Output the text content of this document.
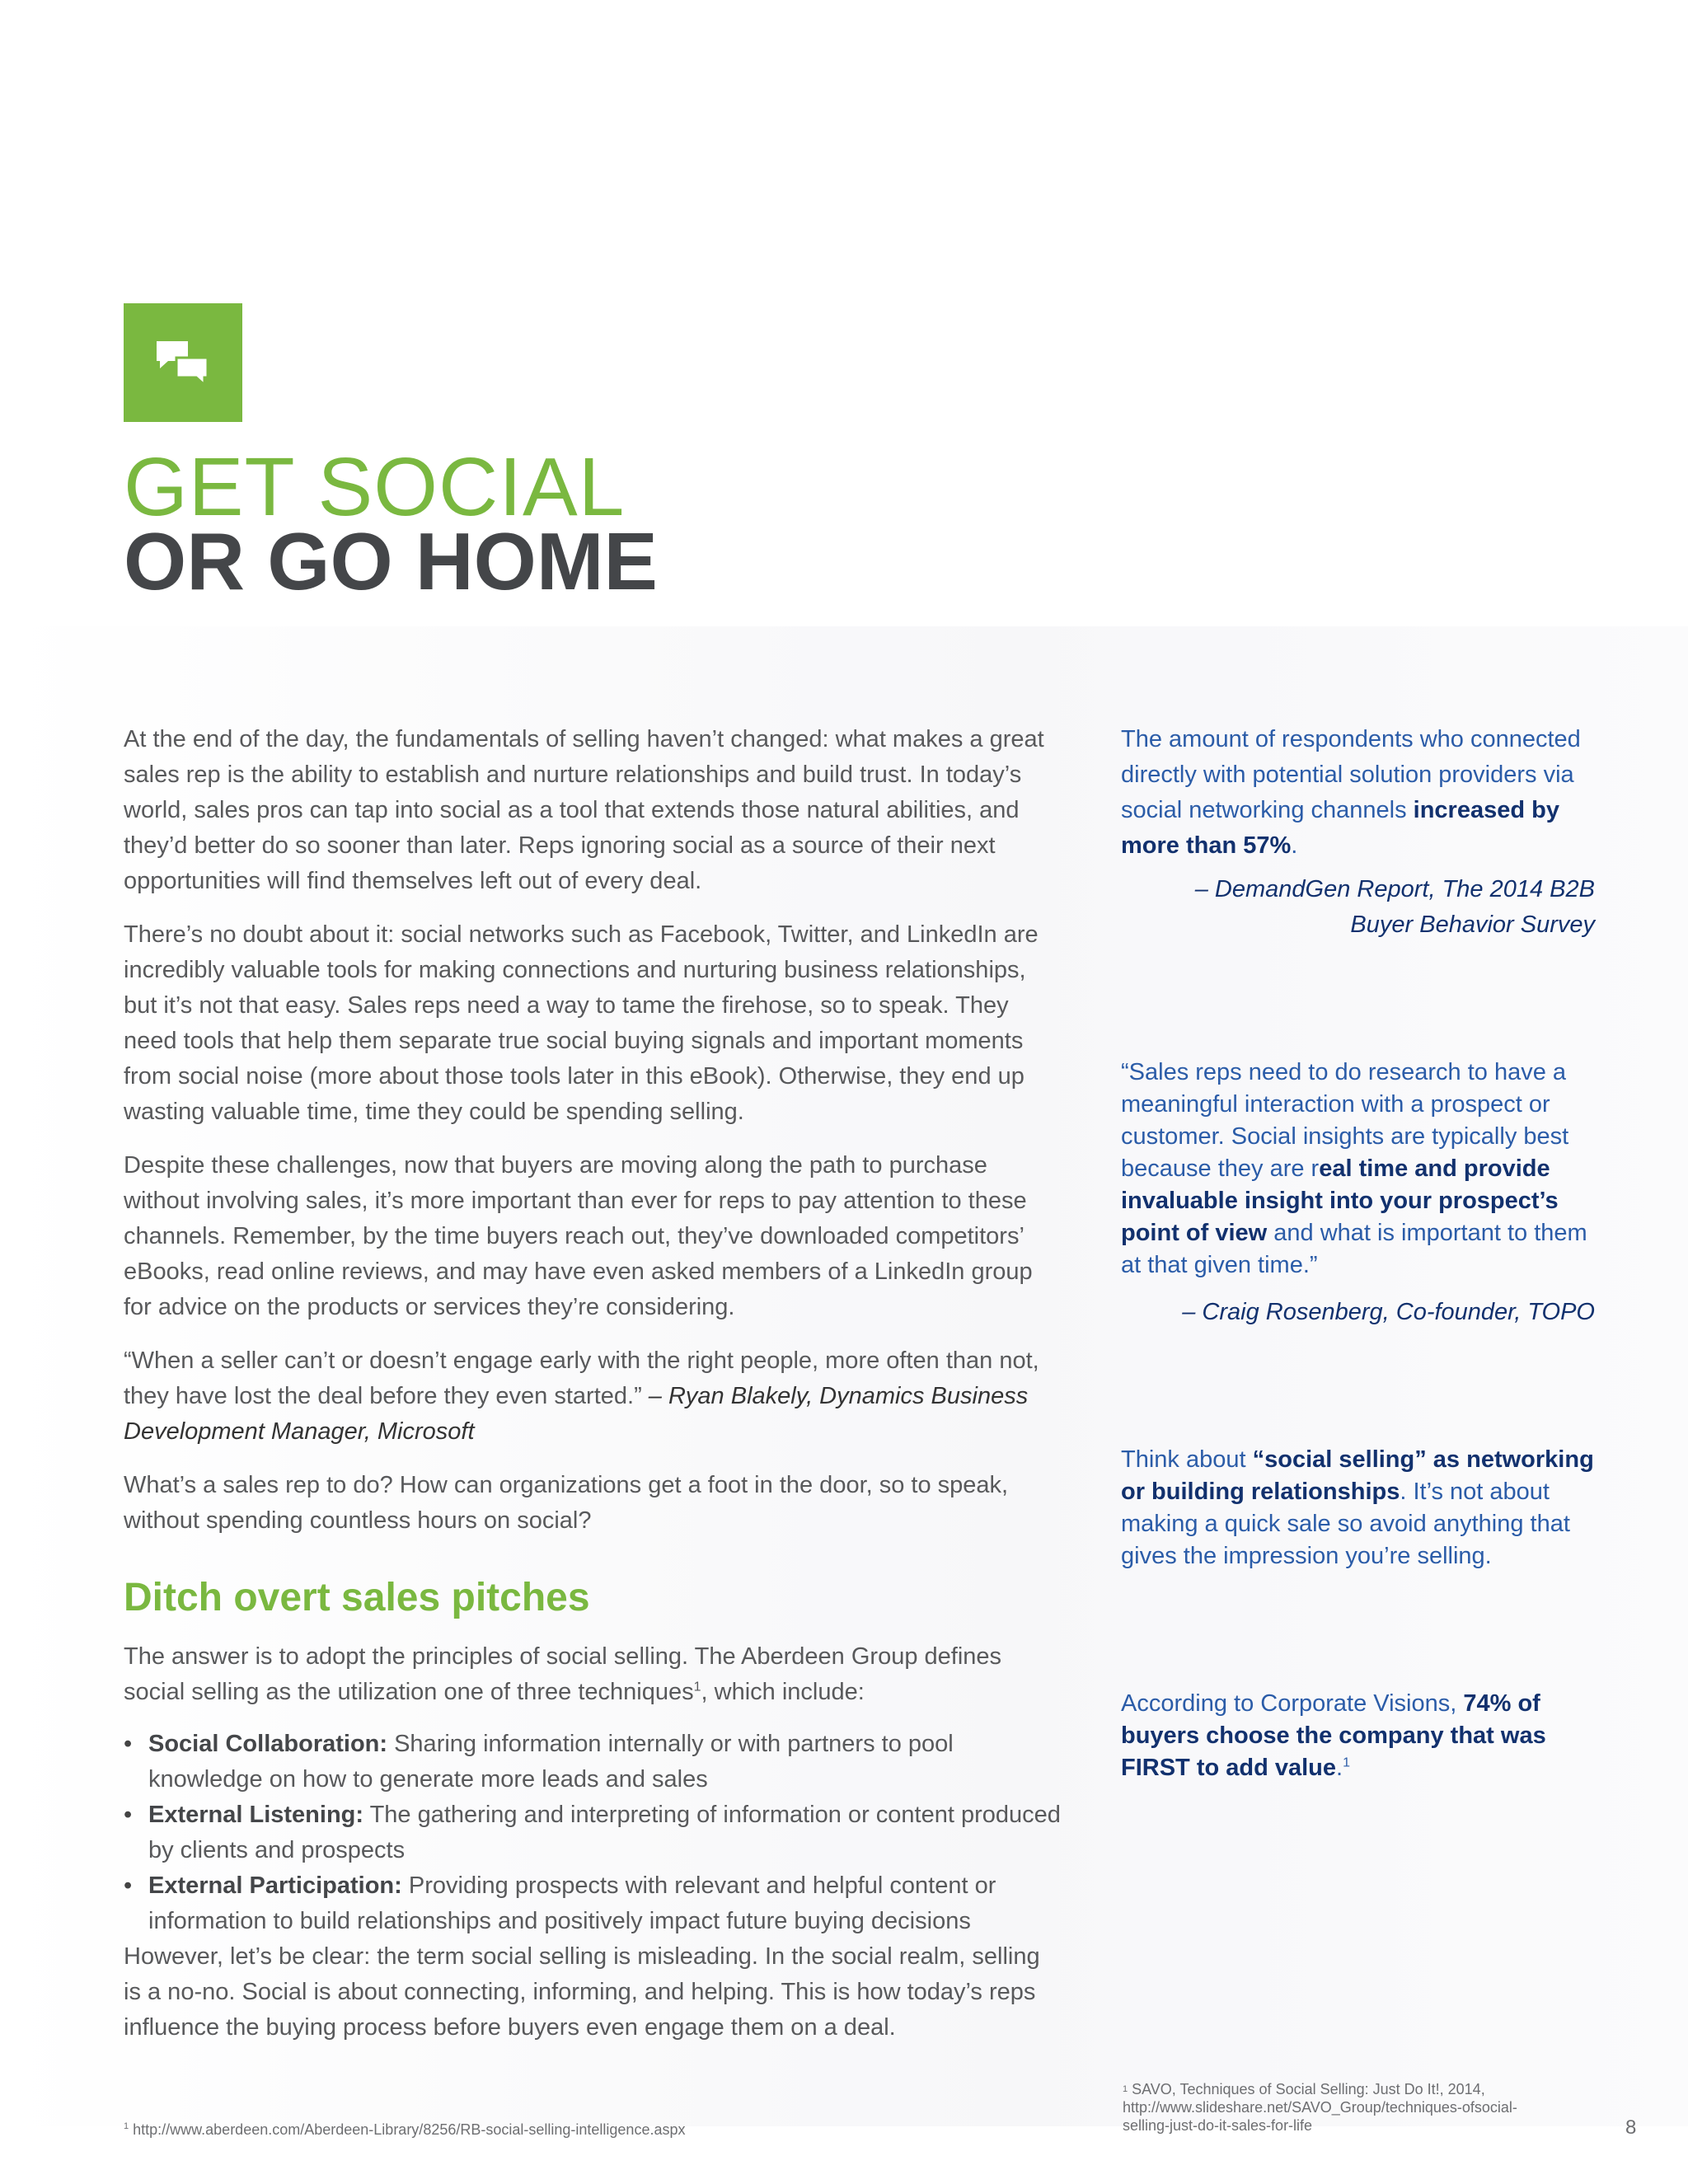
GET SOCIAL
OR GO HOME

At the end of the day, the fundamentals of selling haven’t changed: what makes a great sales rep is the ability to establish and nurture relationships and build trust. In today’s world, sales pros can tap into social as a tool that extends those natural abilities, and they’d better do so sooner than later. Reps ignoring social as a source of their next opportunities will find themselves left out of every deal.

There’s no doubt about it: social networks such as Facebook, Twitter, and LinkedIn are incredibly valuable tools for making connections and nurturing business relationships, but it’s not that easy. Sales reps need a way to tame the firehose, so to speak. They need tools that help them separate true social buying signals and important moments from social noise (more about those tools later in this eBook). Otherwise, they end up wasting valuable time, time they could be spending selling.

Despite these challenges, now that buyers are moving along the path to purchase without involving sales, it’s more important than ever for reps to pay attention to these channels. Remember, by the time buyers reach out, they’ve downloaded competitors’ eBooks, read online reviews, and may have even asked members of a LinkedIn group for advice on the products or services they’re considering.

“When a seller can’t or doesn’t engage early with the right people, more often than not, they have lost the deal before they even started.” – Ryan Blakely, Dynamics Business Development Manager, Microsoft

What’s a sales rep to do? How can organizations get a foot in the door, so to speak, without spending countless hours on social?

Ditch overt sales pitches

The answer is to adopt the principles of social selling. The Aberdeen Group defines social selling as the utilization one of three techniques$^1$, which include:

• Social Collaboration: Sharing information internally or with partners to pool knowledge on how to generate more leads and sales
• External Listening: The gathering and interpreting of information or content produced by clients and prospects
• External Participation: Providing prospects with relevant and helpful content or information to build relationships and positively impact future buying decisions

However, let’s be clear: the term social selling is misleading. In the social realm, selling is a no-no. Social is about connecting, informing, and helping. This is how today’s reps influence the buying process before buyers even engage them on a deal.

The amount of respondents who connected directly with potential solution providers via social networking channels increased by more than 57%.

– DemandGen Report, The 2014 B2B Buyer Behavior Survey

“Sales reps need to do research to have a meaningful interaction with a prospect or customer. Social insights are typically best because they are real time and provide invaluable insight into your prospect’s point of view and what is important to them at that given time.”

– Craig Rosenberg, Co-founder, TOPO

Think about “social selling” as networking or building relationships. It’s not about making a quick sale so avoid anything that gives the impression you’re selling.

According to Corporate Visions, 74% of buyers choose the company that was FIRST to add value.$^1$

$^1$ http://www.aberdeen.com/Aberdeen-Library/8256/RB-social-selling-intelligence.aspx
$^1$ SAVO, Techniques of Social Selling: Just Do It!, 2014, http://www.slideshare.net/SAVO_Group/techniques-ofsocial- selling-just-do-it-sales-for-life	8
